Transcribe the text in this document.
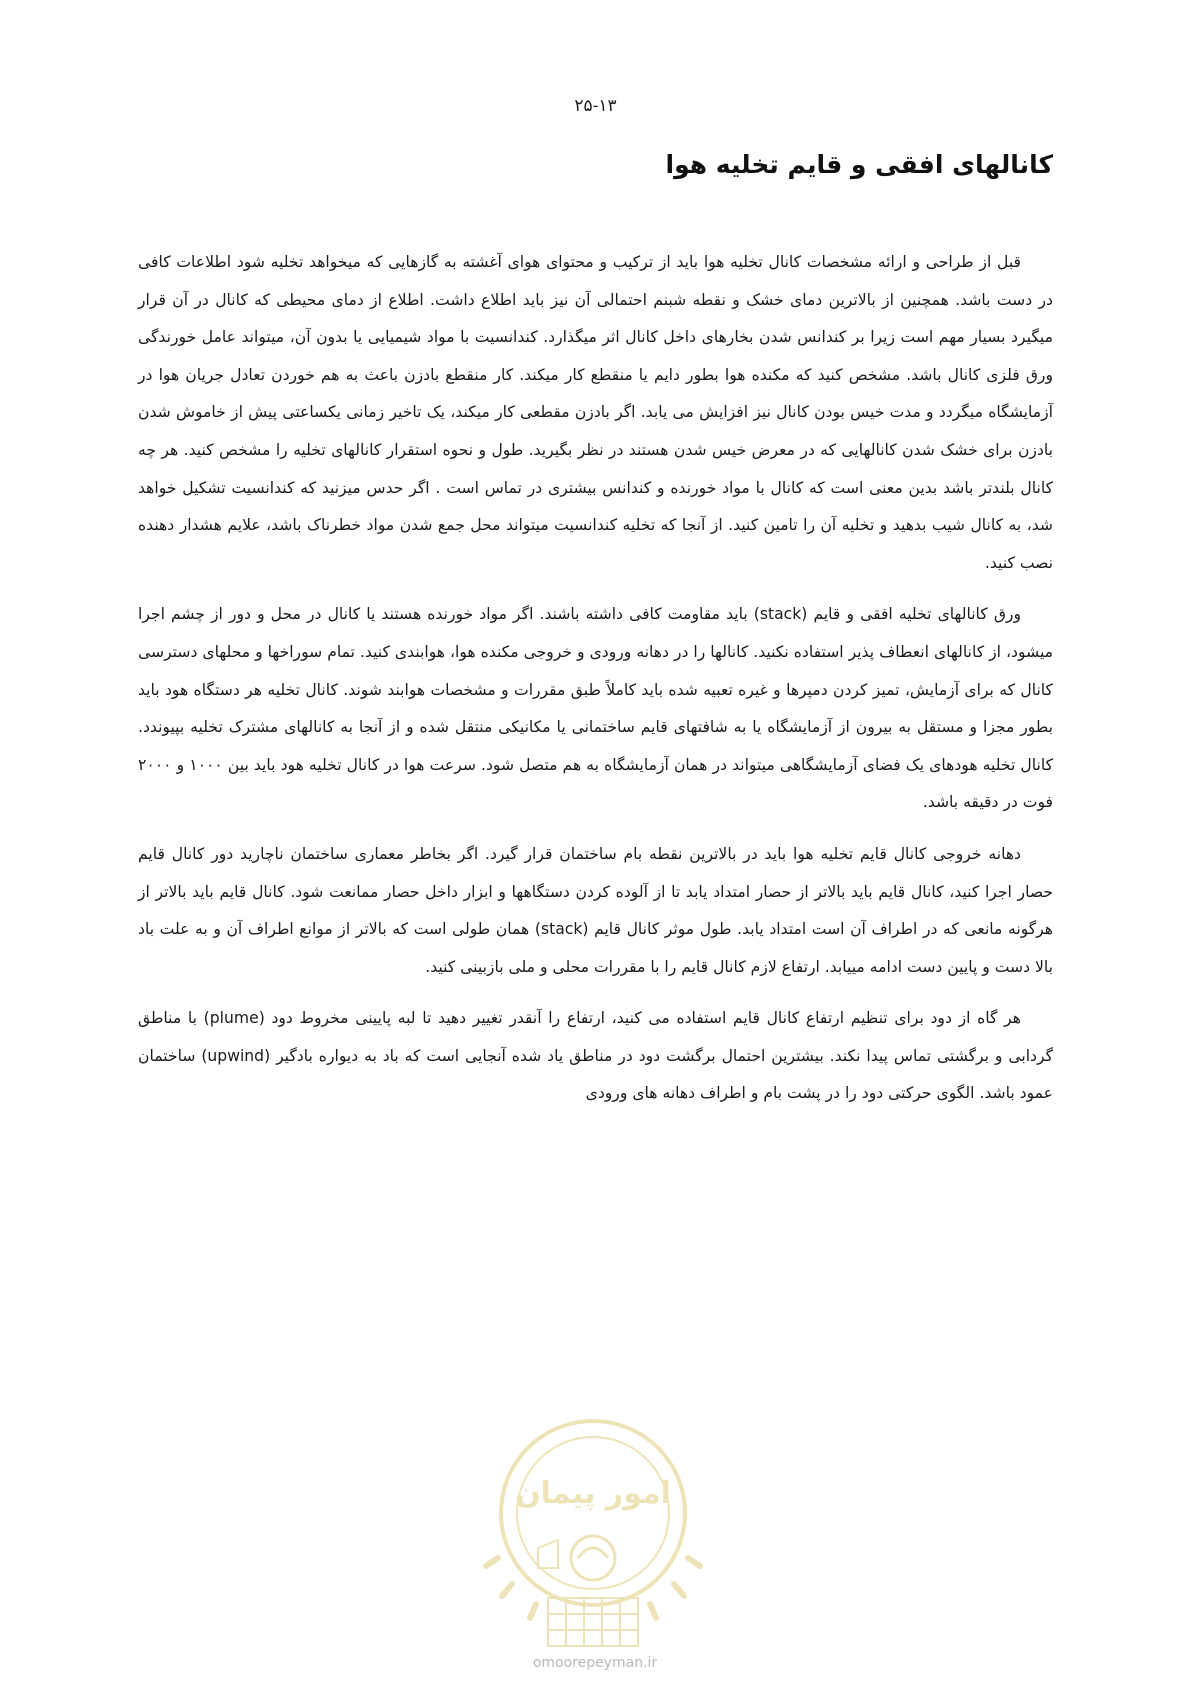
۲۵-۱۳
کانالهای افقی و قایم تخلیه هوا

قبل از طراحی و ارائه مشخصات کانال تخلیه هوا باید از ترکیب و محتوای هوای آغشته به گازهایی که میخواهد تخلیه شود اطلاعات کافی در دست باشد. همچنین از بالاترین دمای خشک و نقطه شبنم احتمالی آن نیز باید اطلاع داشت. اطلاع از دمای محیطی که کانال در آن قرار میگیرد بسیار مهم است زیرا بر کندانس شدن بخارهای داخل کانال اثر میگذارد. کندانسیت با مواد شیمیایی یا بدون آن، میتواند عامل خورندگی ورق فلزی کانال باشد. مشخص کنید که مکنده هوا بطور دایم یا منقطع کار میکند. کار منقطع بادزن باعث به هم خوردن تعادل جریان هوا در آزمایشگاه میگردد و مدت خیس بودن کانال نیز افزایش می یابد. اگر بادزن مقطعی کار میکند، یک تاخیر زمانی یکساعتی پیش از خاموش شدن بادزن برای خشک شدن کانالهایی که در معرض خیس شدن هستند در نظر بگیرید. طول و نحوه استقرار کانالهای تخلیه را مشخص کنید. هر چه کانال بلندتر باشد بدین معنی است که کانال با مواد خورنده و کندانس بیشتری در تماس است . اگر حدس میزنید که کندانسیت تشکیل خواهد شد، به کانال شیب بدهید و تخلیه آن را تامین کنید. از آنجا که تخلیه کندانسیت میتواند محل جمع شدن مواد خطرناک باشد، علایم هشدار دهنده نصب کنید.

ورق کانالهای تخلیه افقی و قایم (stack) باید مقاومت کافی داشته باشند. اگر مواد خورنده هستند یا کانال در محل و دور از چشم اجرا میشود، از کانالهای انعطاف پذیر استفاده نکنید. کانالها را در دهانه ورودی و خروجی مکنده هوا، هوابندی کنید. تمام سوراخها و محلهای دسترسی کانال که برای آزمایش، تمیز کردن دمپرها و غیره تعبیه شده باید کاملاً طبق مقررات و مشخصات هوابند شوند. کانال تخلیه هر دستگاه هود باید بطور مجزا و مستقل به بیرون از آزمایشگاه یا به شافتهای قایم ساختمانی یا مکانیکی منتقل شده و از آنجا به کانالهای مشترک تخلیه بپیوندد. کانال تخلیه هودهای یک فضای آزمایشگاهی میتواند در همان آزمایشگاه به هم متصل شود. سرعت هوا در کانال تخلیه هود باید بین ۱۰۰۰ و ۲۰۰۰ فوت در دقیقه باشد.

دهانه خروجی کانال قایم تخلیه هوا باید در بالاترین نقطه بام ساختمان قرار گیرد. اگر بخاطر معماری ساختمان ناچارید دور کانال قایم حصار اجرا کنید، کانال قایم باید بالاتر از حصار امتداد یابد تا از آلوده کردن دستگاهها و ابزار داخل حصار ممانعت شود. کانال قایم باید بالاتر از هرگونه مانعی که در اطراف آن است امتداد یابد. طول موثر کانال قایم (stack) همان طولی است که بالاتر از موانع اطراف آن و به علت باد بالا دست و پایین دست ادامه مییابد. ارتفاع لازم کانال قایم را با مقررات محلی و ملی بازبینی کنید.

هر گاه از دود برای تنظیم ارتفاع کانال قایم استفاده می کنید، ارتفاع را آنقدر تغییر دهید تا لبه پایینی مخروط دود (plume) با مناطق گردابی و برگشتی تماس پیدا نکند. بیشترین احتمال برگشت دود در مناطق یاد شده آنجایی است که باد به دیواره بادگیر (upwind) ساختمان عمود باشد. الگوی حرکتی دود را در پشت بام و اطراف دهانه های ورودی

امور پیمان
omoorepeyman.ir
